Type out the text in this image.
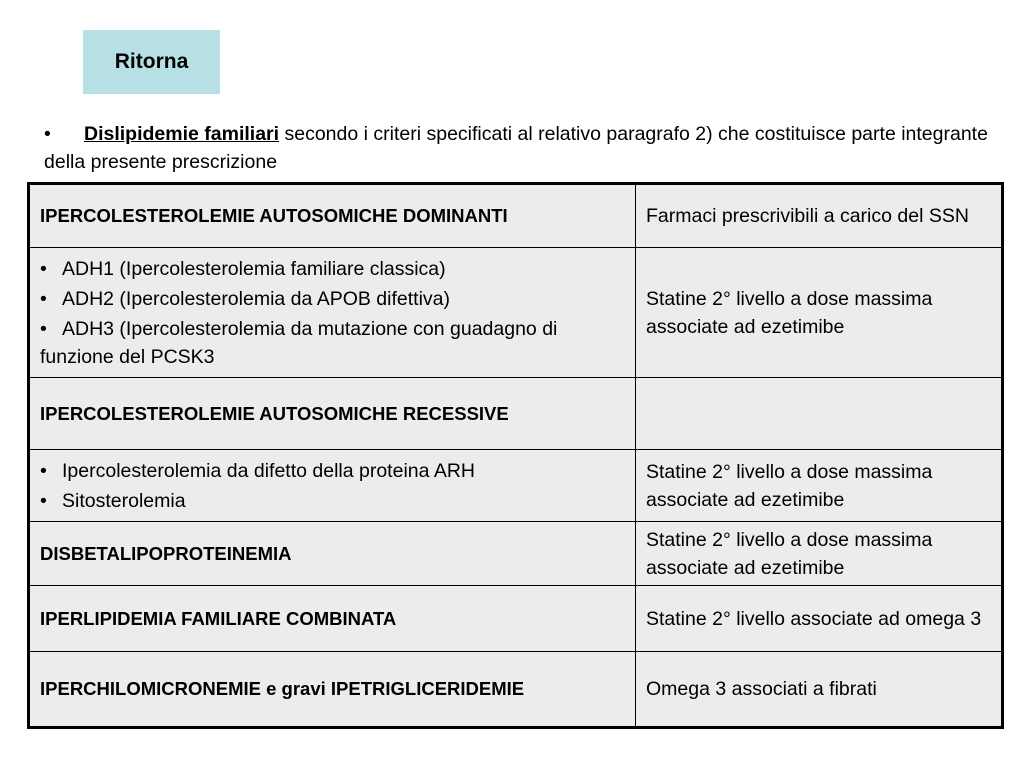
Ritorna
• Dislipidemie familiari secondo i criteri specificati al relativo paragrafo 2) che costituisce parte integrante della presente prescrizione
IPERCOLESTEROLEMIE AUTOSOMICHE DOMINANTI	Farmaci prescrivibili a carico del SSN

• ADH1 (Ipercolesterolemia familiare classica)
• ADH2 (Ipercolesterolemia da APOB difettiva)
• ADH3 (Ipercolesterolemia da mutazione con guadagno di funzione del PCSK3	Statine 2° livello a dose massima associate ad ezetimibe
IPERCOLESTEROLEMIE AUTOSOMICHE RECESSIVE	

• Ipercolesterolemia da difetto della proteina ARH
• Sitosterolemia	Statine 2° livello a dose massima associate ad ezetimibe
DISBETALIPOPROTEINEMIA	Statine 2° livello a dose massima associate ad ezetimibe
IPERLIPIDEMIA FAMILIARE COMBINATA	Statine 2° livello associate ad omega 3
IPERCHILOMICRONEMIE e gravi IPETRIGLICERIDEMIE	Omega 3 associati a fibrati
